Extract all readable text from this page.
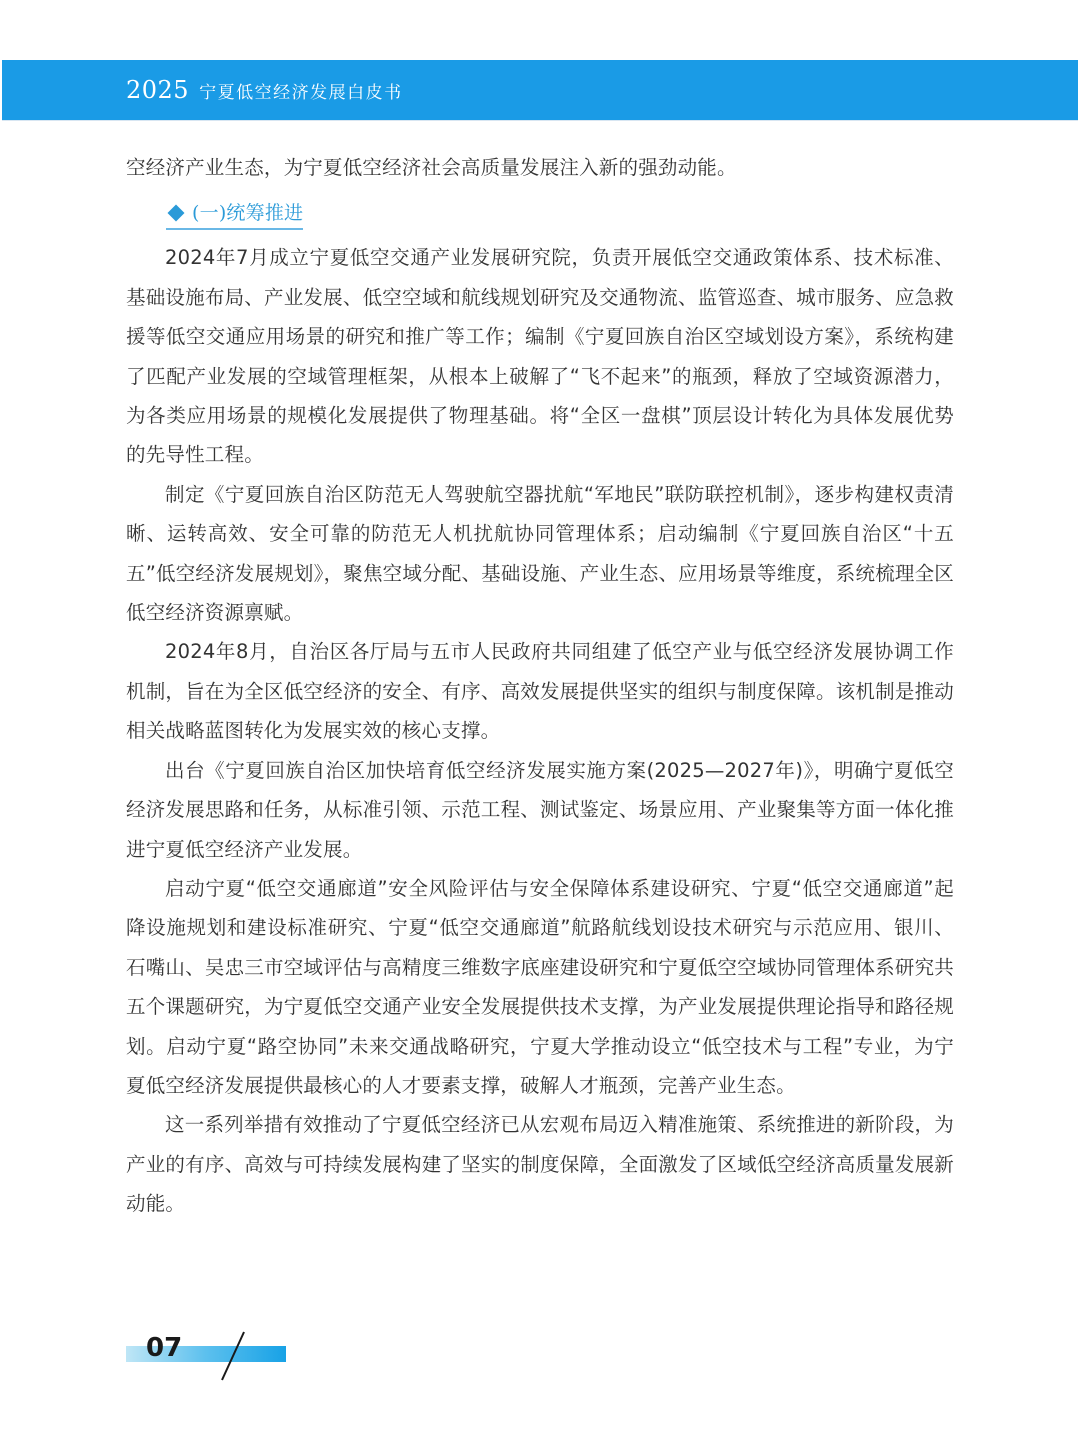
2025 宁夏低空经济发展白皮书

空经济产业生态，为宁夏低空经济社会高质量发展注入新的强劲动能。

(一)统筹推进

2024年7月成立宁夏低空交通产业发展研究院，负责开展低空交通政策体系、技术标准、基础设施布局、产业发展、低空空域和航线规划研究及交通物流、监管巡查、城市服务、应急救援等低空交通应用场景的研究和推广等工作；编制《宁夏回族自治区空域划设方案》，系统构建了匹配产业发展的空域管理框架，从根本上破解了“飞不起来”的瓶颈，释放了空域资源潜力，为各类应用场景的规模化发展提供了物理基础。将“全区一盘棋”顶层设计转化为具体发展优势的先导性工程。

制定《宁夏回族自治区防范无人驾驶航空器扰航“军地民”联防联控机制》，逐步构建权责清晰、运转高效、安全可靠的防范无人机扰航协同管理体系；启动编制《宁夏回族自治区“十五五”低空经济发展规划》，聚焦空域分配、基础设施、产业生态、应用场景等维度，系统梳理全区低空经济资源禀赋。

2024年8月，自治区各厅局与五市人民政府共同组建了低空产业与低空经济发展协调工作机制，旨在为全区低空经济的安全、有序、高效发展提供坚实的组织与制度保障。该机制是推动相关战略蓝图转化为发展实效的核心支撑。

出台《宁夏回族自治区加快培育低空经济发展实施方案(2025—2027年)》，明确宁夏低空经济发展思路和任务，从标准引领、示范工程、测试鉴定、场景应用、产业聚集等方面一体化推进宁夏低空经济产业发展。

启动宁夏“低空交通廊道”安全风险评估与安全保障体系建设研究、宁夏“低空交通廊道”起降设施规划和建设标准研究、宁夏“低空交通廊道”航路航线划设技术研究与示范应用、银川、石嘴山、吴忠三市空域评估与高精度三维数字底座建设研究和宁夏低空空域协同管理体系研究共五个课题研究，为宁夏低空交通产业安全发展提供技术支撑，为产业发展提供理论指导和路径规划。启动宁夏“路空协同”未来交通战略研究，宁夏大学推动设立“低空技术与工程”专业，为宁夏低空经济发展提供最核心的人才要素支撑，破解人才瓶颈，完善产业生态。

这一系列举措有效推动了宁夏低空经济已从宏观布局迈入精准施策、系统推进的新阶段，为产业的有序、高效与可持续发展构建了坚实的制度保障，全面激发了区域低空经济高质量发展新动能。

07
